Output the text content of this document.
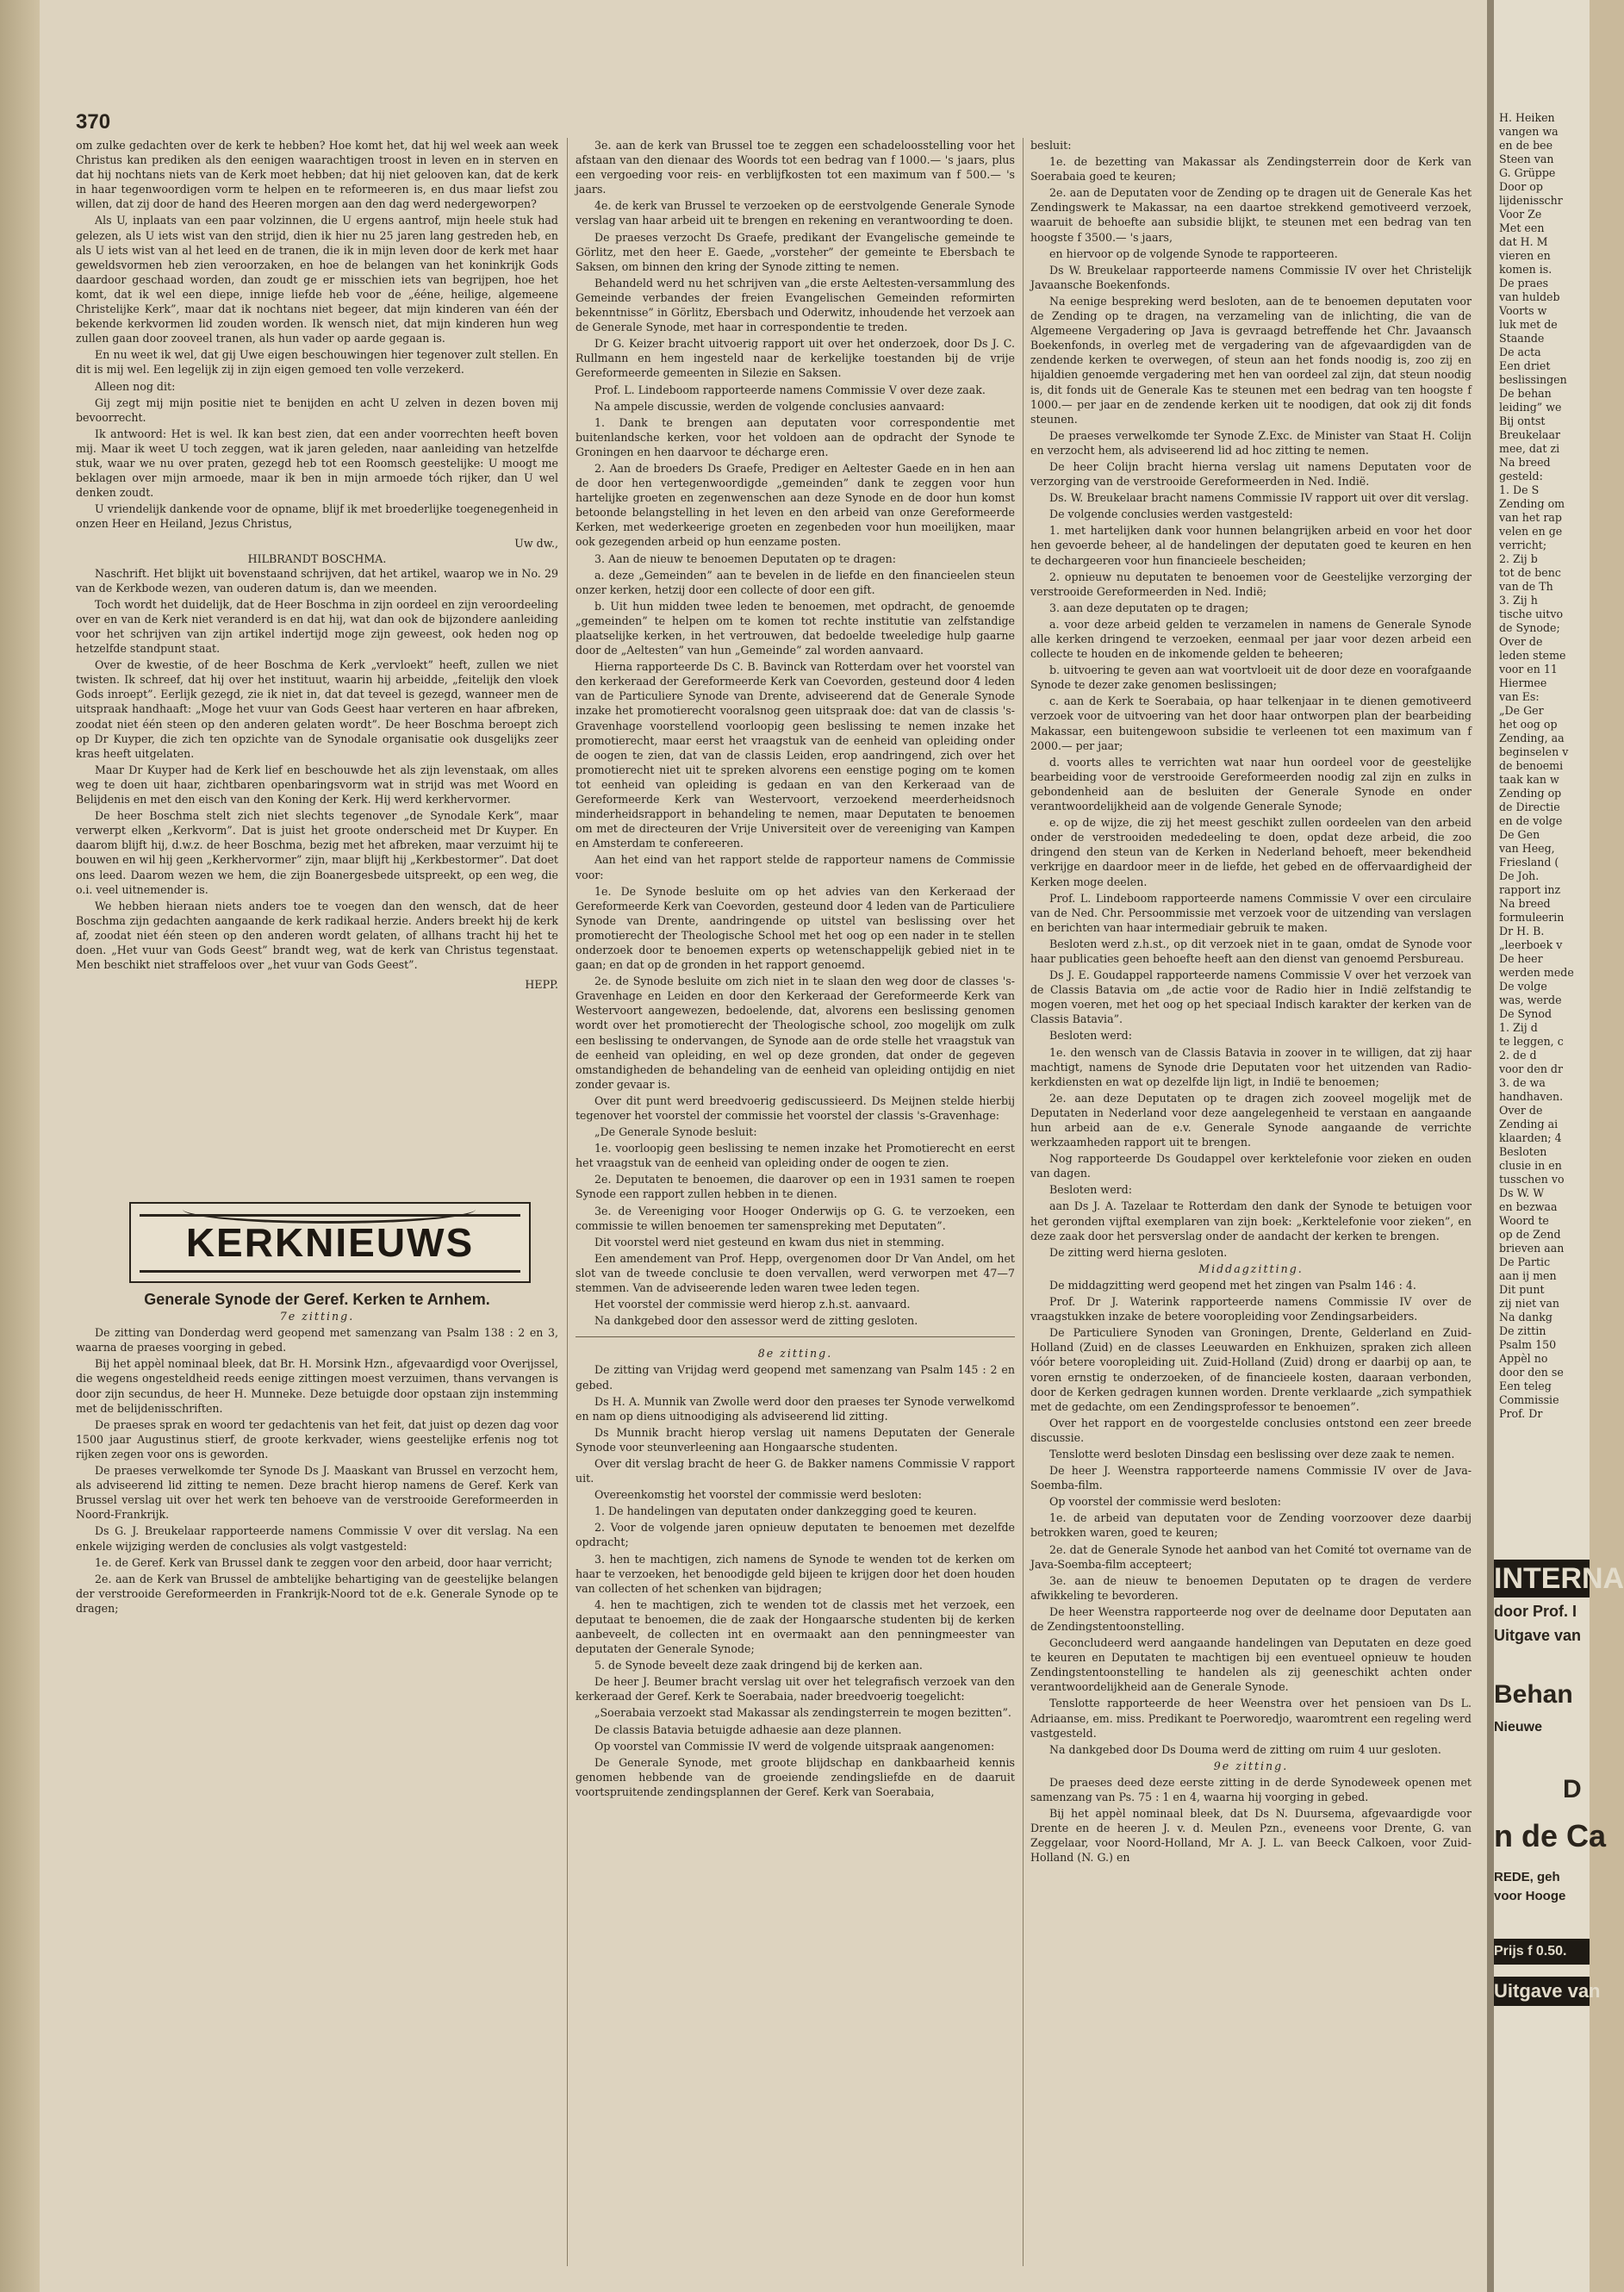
370

om zulke gedachten over de kerk te hebben? Hoe komt het, dat hij wel week aan week Christus kan prediken als den eenigen waarachtigen troost in leven en in sterven en dat hij nochtans niets van de Kerk moet hebben; dat hij niet gelooven kan, dat de kerk in haar tegenwoordigen vorm te helpen en te reformeeren is, en dus maar liefst zou willen, dat zij door de hand des Heeren morgen aan den dag werd nedergeworpen?

Als U, inplaats van een paar volzinnen, die U ergens aantrof, mijn heele stuk had gelezen, als U iets wist van den strijd, dien ik hier nu 25 jaren lang gestreden heb, en als U iets wist van al het leed en de tranen, die ik in mijn leven door de kerk met haar geweldsvormen heb zien veroorzaken, en hoe de belangen van het koninkrijk Gods daardoor geschaad worden, dan zoudt ge er misschien iets van begrijpen, hoe het komt, dat ik wel een diepe, innige liefde heb voor de „ééne, heilige, algemeene Christelijke Kerk”, maar dat ik nochtans niet begeer, dat mijn kinderen van één der bekende kerkvormen lid zouden worden. Ik wensch niet, dat mijn kinderen hun weg zullen gaan door zooveel tranen, als hun vader op aarde gegaan is.

En nu weet ik wel, dat gij Uwe eigen beschouwingen hier tegenover zult stellen. En dit is mij wel. Een legelijk zij in zijn eigen gemoed ten volle verzekerd.

Alleen nog dit:

Gij zegt mij mijn positie niet te benijden en acht U zelven in dezen boven mij bevoorrecht.

Ik antwoord: Het is wel. Ik kan best zien, dat een ander voorrechten heeft boven mij. Maar ik weet U toch zeggen, wat ik jaren geleden, naar aanleiding van hetzelfde stuk, waar we nu over praten, gezegd heb tot een Roomsch geestelijke: U moogt me beklagen over mijn armoede, maar ik ben in mijn armoede tóch rijker, dan U wel denken zoudt.

U vriendelijk dankende voor de opname, blijf ik met broederlijke toegenegenheid in onzen Heer en Heiland, Jezus Christus,

Uw dw.,
HILBRANDT BOSCHMA.

Naschrift. Het blijkt uit bovenstaand schrijven, dat het artikel, waarop we in No. 29 van de Kerkbode wezen, van ouderen datum is, dan we meenden.

Toch wordt het duidelijk, dat de Heer Boschma in zijn oordeel en zijn veroordeeling over en van de Kerk niet veranderd is en dat hij, wat dan ook de bijzondere aanleiding voor het schrijven van zijn artikel indertijd moge zijn geweest, ook heden nog op hetzelfde standpunt staat.

Over de kwestie, of de heer Boschma de Kerk „vervloekt” heeft, zullen we niet twisten. Ik schreef, dat hij over het instituut, waarin hij arbeidde, „feitelijk den vloek Gods inroept”. Eerlijk gezegd, zie ik niet in, dat dat teveel is gezegd, wanneer men de uitspraak handhaaft: „Moge het vuur van Gods Geest haar verteren en haar afbreken, zoodat niet één steen op den anderen gelaten wordt”. De heer Boschma beroept zich op Dr Kuyper, die zich ten opzichte van de Synodale organisatie ook dusgelijks zeer kras heeft uitgelaten.

Maar Dr Kuyper had de Kerk lief en beschouwde het als zijn levenstaak, om alles weg te doen uit haar, zichtbaren openbaringsvorm wat in strijd was met Woord en Belijdenis en met den eisch van den Koning der Kerk. Hij werd kerkhervormer.

De heer Boschma stelt zich niet slechts tegenover „de Synodale Kerk”, maar verwerpt elken „Kerkvorm”. Dat is juist het groote onderscheid met Dr Kuyper. En daarom blijft hij, d.w.z. de heer Boschma, bezig met het afbreken, maar verzuimt hij te bouwen en wil hij geen „Kerkhervormer” zijn, maar blijft hij „Kerkbestormer”. Dat doet ons leed. Daarom wezen we hem, die zijn Boanergesbede uitspreekt, op een weg, die o.i. veel uitnemender is.

We hebben hieraan niets anders toe te voegen dan den wensch, dat de heer Boschma zijn gedachten aangaande de kerk radikaal herzie. Anders breekt hij de kerk af, zoodat niet één steen op den anderen wordt gelaten, of allhans tracht hij het te doen. „Het vuur van Gods Geest” brandt weg, wat de kerk van Christus tegenstaat. Men beschikt niet straffeloos over „het vuur van Gods Geest”.

HEPP.
KERKNIEUWS

Generale Synode der Geref. Kerken te Arnhem.

7e zitting.

De zitting van Donderdag werd geopend met samenzang van Psalm 138 : 2 en 3, waarna de praeses voorging in gebed.

Bij het appèl nominaal bleek, dat Br. H. Morsink Hzn., afgevaardigd voor Overijssel, die wegens ongesteldheid reeds eenige zittingen moest verzuimen, thans vervangen is door zijn secundus, de heer H. Munneke. Deze betuigde door opstaan zijn instemming met de belijdenisschriften.

De praeses sprak en woord ter gedachtenis van het feit, dat juist op dezen dag voor 1500 jaar Augustinus stierf, de groote kerkvader, wiens geestelijke erfenis nog tot rijken zegen voor ons is geworden.

De praeses verwelkomde ter Synode Ds J. Maaskant van Brussel en verzocht hem, als adviseerend lid zitting te nemen. Deze bracht hierop namens de Geref. Kerk van Brussel verslag uit over het werk ten behoeve van de verstrooide Gereformeerden in Noord-Frankrijk.

Ds G. J. Breukelaar rapporteerde namens Commissie V over dit verslag. Na een enkele wijziging werden de conclusies als volgt vastgesteld:

1e. de Geref. Kerk van Brussel dank te zeggen voor den arbeid, door haar verricht;

2e. aan de Kerk van Brussel de ambtelijke behartiging van de geestelijke belangen der verstrooide Gereformeerden in Frankrijk-Noord tot de e.k. Generale Synode op te dragen;

3e. aan de kerk van Brussel toe te zeggen een schadeloosstelling voor het afstaan van den dienaar des Woords tot een bedrag van f 1000.— 's jaars, plus een vergoeding voor reis- en verblijfkosten tot een maximum van f 500.— 's jaars.

4e. de kerk van Brussel te verzoeken op de eerstvolgende Generale Synode verslag van haar arbeid uit te brengen en rekening en verantwoording te doen.

De praeses verzocht Ds Graefe, predikant der Evangelische gemeinde te Görlitz, met den heer E. Gaede, „vorsteher” der gemeinte te Ebersbach te Saksen, om binnen den kring der Synode zitting te nemen.

Behandeld werd nu het schrijven van „die erste Aeltesten-versammlung des Gemeinde verbandes der freien Evangelischen Gemeinden reformirten bekenntnisse” in Görlitz, Ebersbach und Oderwitz, inhoudende het verzoek aan de Generale Synode, met haar in correspondentie te treden.

Dr G. Keizer bracht uitvoerig rapport uit over het onderzoek, door Ds J. C. Rullmann en hem ingesteld naar de kerkelijke toestanden bij de vrije Gereformeerde gemeenten in Silezie en Saksen.

Prof. L. Lindeboom rapporteerde namens Commissie V over deze zaak.

Na ampele discussie, werden de volgende conclusies aanvaard:

1. Dank te brengen aan deputaten voor correspondentie met buitenlandsche kerken, voor het voldoen aan de opdracht der Synode te Groningen en hen daarvoor te décharge eren.

2. Aan de broeders Ds Graefe, Prediger en Aeltester Gaede en in hen aan de door hen vertegenwoordigde „gemeinden” dank te zeggen voor hun hartelijke groeten en zegenwenschen aan deze Synode en de door hun komst betoonde belangstelling in het leven en den arbeid van onze Gereformeerde Kerken, met wederkeerige groeten en zegenbeden voor hun moeilijken, maar ook gezegenden arbeid op hun eenzame posten.

3. Aan de nieuw te benoemen Deputaten op te dragen:

a. deze „Gemeinden” aan te bevelen in de liefde en den financieelen steun onzer kerken, hetzij door een collecte of door een gift.

b. Uit hun midden twee leden te benoemen, met opdracht, de genoemde „gemeinden” te helpen om te komen tot rechte institutie van zelfstandige plaatselijke kerken, in het vertrouwen, dat bedoelde tweeledige hulp gaarne door de „Aeltesten” van hun „Gemeinde” zal worden aanvaard.

Hierna rapporteerde Ds C. B. Bavinck van Rotterdam over het voorstel van den kerkeraad der Gereformeerde Kerk van Coevorden, gesteund door 4 leden van de Particuliere Synode van Drente, adviseerend dat de Generale Synode inzake het promotierecht vooralsnog geen uitspraak doe: dat van de classis 's-Gravenhage voorstellend voorloopig geen beslissing te nemen inzake het promotierecht, maar eerst het vraagstuk van de eenheid van opleiding onder de oogen te zien, dat van de classis Leiden, erop aandringend, zich over het promotierecht niet uit te spreken alvorens een eenstige poging om te komen tot eenheid van opleiding is gedaan en van den Kerkeraad van de Gereformeerde Kerk van Westervoort, verzoekend meerderheidsnoch minderheidsrapport in behandeling te nemen, maar Deputaten te benoemen om met de directeuren der Vrije Universiteit over de vereeniging van Kampen en Amsterdam te confereeren.

Aan het eind van het rapport stelde de rapporteur namens de Commissie voor:

1e. De Synode besluite om op het advies van den Kerkeraad der Gereformeerde Kerk van Coevorden, gesteund door 4 leden van de Particuliere Synode van Drente, aandringende op uitstel van beslissing over het promotierecht der Theologische School met het oog op een nader in te stellen onderzoek door te benoemen experts op wetenschappelijk gebied niet in te gaan; en dat op de gronden in het rapport genoemd.

2e. de Synode besluite om zich niet in te slaan den weg door de classes 's-Gravenhage en Leiden en door den Kerkeraad der Gereformeerde Kerk van Westervoort aangewezen, bedoelende, dat, alvorens een beslissing genomen wordt over het promotierecht der Theologische school, zoo mogelijk om zulk een beslissing te ondervangen, de Synode aan de orde stelle het vraagstuk van de eenheid van opleiding, en wel op deze gronden, dat onder de gegeven omstandigheden de behandeling van de eenheid van opleiding ontijdig en niet zonder gevaar is.

Over dit punt werd breedvoerig gediscussieerd. Ds Meijnen stelde hierbij tegenover het voorstel der commissie het voorstel der classis 's-Gravenhage:

„De Generale Synode besluit:

1e. voorloopig geen beslissing te nemen inzake het Promotierecht en eerst het vraagstuk van de eenheid van opleiding onder de oogen te zien.

2e. Deputaten te benoemen, die daarover op een in 1931 samen te roepen Synode een rapport zullen hebben in te dienen.

3e. de Vereeniging voor Hooger Onderwijs op G. G. te verzoeken, een commissie te willen benoemen ter samenspreking met Deputaten”.

Dit voorstel werd niet gesteund en kwam dus niet in stemming.

Een amendement van Prof. Hepp, overgenomen door Dr Van Andel, om het slot van de tweede conclusie te doen vervallen, werd verworpen met 47—7 stemmen. Van de adviseerende leden waren twee leden tegen.

Het voorstel der commissie werd hierop z.h.st. aanvaard.

Na dankgebed door den assessor werd de zitting gesloten.

8e zitting.

De zitting van Vrijdag werd geopend met samenzang van Psalm 145 : 2 en gebed.

Ds H. A. Munnik van Zwolle werd door den praeses ter Synode verwelkomd en nam op diens uitnoodiging als adviseerend lid zitting.

Ds Munnik bracht hierop verslag uit namens Deputaten der Generale Synode voor steunverleening aan Hongaarsche studenten.

Over dit verslag bracht de heer G. de Bakker namens Commissie V rapport uit.

Overeenkomstig het voorstel der commissie werd besloten:

1. De handelingen van deputaten onder dankzegging goed te keuren.

2. Voor de volgende jaren opnieuw deputaten te benoemen met dezelfde opdracht;

3. hen te machtigen, zich namens de Synode te wenden tot de kerken om haar te verzoeken, het benoodigde geld bijeen te krijgen door het doen houden van collecten of het schenken van bijdragen;

4. hen te machtigen, zich te wenden tot de classis met het verzoek, een deputaat te benoemen, die de zaak der Hongaarsche studenten bij de kerken aanbeveelt, de collecten int en overmaakt aan den penningmeester van deputaten der Generale Synode;

5. de Synode beveelt deze zaak dringend bij de kerken aan.

De heer J. Beumer bracht verslag uit over het telegrafisch verzoek van den kerkeraad der Geref. Kerk te Soerabaia, nader breedvoerig toegelicht:

„Soerabaia verzoekt stad Makassar als zendingsterrein te mogen bezitten”.

De classis Batavia betuigde adhaesie aan deze plannen.

Op voorstel van Commissie IV werd de volgende uitspraak aangenomen:

De Generale Synode, met groote blijdschap en dankbaarheid kennis genomen hebbende van de groeiende zendingsliefde en de daaruit voortspruitende zendingsplannen der Geref. Kerk van Soerabaia,

besluit:

1e. de bezetting van Makassar als Zendingsterrein door de Kerk van Soerabaia goed te keuren;

2e. aan de Deputaten voor de Zending op te dragen uit de Generale Kas het Zendingswerk te Makassar, na een daartoe strekkend gemotiveerd verzoek, waaruit de behoefte aan subsidie blijkt, te steunen met een bedrag van ten hoogste f 3500.— 's jaars,

en hiervoor op de volgende Synode te rapporteeren.

Ds W. Breukelaar rapporteerde namens Commissie IV over het Christelijk Javaansche Boekenfonds.

Na eenige bespreking werd besloten, aan de te benoemen deputaten voor de Zending op te dragen, na verzameling van de inlichting, die van de Algemeene Vergadering op Java is gevraagd betreffende het Chr. Javaansch Boekenfonds, in overleg met de vergadering van de afgevaardigden van de zendende kerken te overwegen, of steun aan het fonds noodig is, zoo zij en hijaldien genoemde vergadering met hen van oordeel zal zijn, dat steun noodig is, dit fonds uit de Generale Kas te steunen met een bedrag van ten hoogste f 1000.— per jaar en de zendende kerken uit te noodigen, dat ook zij dit fonds steunen.

De praeses verwelkomde ter Synode Z.Exc. de Minister van Staat H. Colijn en verzocht hem, als adviseerend lid ad hoc zitting te nemen.

De heer Colijn bracht hierna verslag uit namens Deputaten voor de verzorging van de verstrooide Gereformeerden in Ned. Indië.

Ds. W. Breukelaar bracht namens Commissie IV rapport uit over dit verslag.

De volgende conclusies werden vastgesteld:

1. met hartelijken dank voor hunnen belangrijken arbeid en voor het door hen gevoerde beheer, al de handelingen der deputaten goed te keuren en hen te dechargeeren voor hun financieele bescheiden;

2. opnieuw nu deputaten te benoemen voor de Geestelijke verzorging der verstrooide Gereformeerden in Ned. Indië;

3. aan deze deputaten op te dragen;

a. voor deze arbeid gelden te verzamelen in namens de Generale Synode alle kerken dringend te verzoeken, eenmaal per jaar voor dezen arbeid een collecte te houden en de inkomende gelden te beheeren;

b. uitvoering te geven aan wat voortvloeit uit de door deze en voorafgaande Synode te dezer zake genomen beslissingen;

c. aan de Kerk te Soerabaia, op haar telkenjaar in te dienen gemotiveerd verzoek voor de uitvoering van het door haar ontworpen plan der bearbeiding Makassar, een buitengewoon subsidie te verleenen tot een maximum van f 2000.— per jaar;

d. voorts alles te verrichten wat naar hun oordeel voor de geestelijke bearbeiding voor de verstrooide Gereformeerden noodig zal zijn en zulks in gebondenheid aan de besluiten der Generale Synode en onder verantwoordelijkheid aan de volgende Generale Synode;

e. op de wijze, die zij het meest geschikt zullen oordeelen van den arbeid onder de verstrooiden mededeeling te doen, opdat deze arbeid, die zoo dringend den steun van de Kerken in Nederland behoeft, meer bekendheid verkrijge en daardoor meer in de liefde, het gebed en de offervaardigheid der Kerken moge deelen.

Prof. L. Lindeboom rapporteerde namens Commissie V over een circulaire van de Ned. Chr. Persoommissie met verzoek voor de uitzending van verslagen en berichten van haar intermediair gebruik te maken.

Besloten werd z.h.st., op dit verzoek niet in te gaan, omdat de Synode voor haar publicaties geen behoefte heeft aan den dienst van genoemd Persbureau.

Ds J. E. Goudappel rapporteerde namens Commissie V over het verzoek van de Classis Batavia om „de actie voor de Radio hier in Indië zelfstandig te mogen voeren, met het oog op het speciaal Indisch karakter der kerken van de Classis Batavia”.

Besloten werd:

1e. den wensch van de Classis Batavia in zoover in te willigen, dat zij haar machtigt, namens de Synode drie Deputaten voor het uitzenden van Radio-kerkdiensten en wat op dezelfde lijn ligt, in Indië te benoemen;

2e. aan deze Deputaten op te dragen zich zooveel mogelijk met de Deputaten in Nederland voor deze aangelegenheid te verstaan en aangaande hun arbeid aan de e.v. Generale Synode aangaande de verrichte werkzaamheden rapport uit te brengen.

Nog rapporteerde Ds Goudappel over kerktelefonie voor zieken en ouden van dagen.

Besloten werd:

aan Ds J. A. Tazelaar te Rotterdam den dank der Synode te betuigen voor het geronden vijftal exemplaren van zijn boek: „Kerktelefonie voor zieken”, en deze zaak door het persverslag onder de aandacht der kerken te brengen.

De zitting werd hierna gesloten.

Middagzitting.

De middagzitting werd geopend met het zingen van Psalm 146 : 4.

Prof. Dr J. Waterink rapporteerde namens Commissie IV over de vraagstukken inzake de betere vooropleiding voor Zendingsarbeiders.

De Particuliere Synoden van Groningen, Drente, Gelderland en Zuid-Holland (Zuid) en de classes Leeuwarden en Enkhuizen, spraken zich alleen vóór betere vooropleiding uit. Zuid-Holland (Zuid) drong er daarbij op aan, te voren ernstig te onderzoeken, of de financieele kosten, daaraan verbonden, door de Kerken gedragen kunnen worden. Drente verklaarde „zich sympathiek met de gedachte, om een Zendingsprofessor te benoemen”.

Over het rapport en de voorgestelde conclusies ontstond een zeer breede discussie.

Tenslotte werd besloten Dinsdag een beslissing over deze zaak te nemen.

De heer J. Weenstra rapporteerde namens Commissie IV over de Java-Soemba-film.

Op voorstel der commissie werd besloten:

1e. de arbeid van deputaten voor de Zending voorzoover deze daarbij betrokken waren, goed te keuren;

2e. dat de Generale Synode het aanbod van het Comité tot overname van de Java-Soemba-film accepteert;

3e. aan de nieuw te benoemen Deputaten op te dragen de verdere afwikkeling te bevorderen.

De heer Weenstra rapporteerde nog over de deelname door Deputaten aan de Zendingstentoonstelling.

Geconcludeerd werd aangaande handelingen van Deputaten en deze goed te keuren en Deputaten te machtigen bij een eventueel opnieuw te houden Zendingstentoonstelling te handelen als zij geeneschikt achten onder verantwoordelijkheid aan de Generale Synode.

Tenslotte rapporteerde de heer Weenstra over het pensioen van Ds L. Adriaanse, em. miss. Predikant te Poerworedjo, waaromtrent een regeling werd vastgesteld.

Na dankgebed door Ds Douma werd de zitting om ruim 4 uur gesloten.

9e zitting.

De praeses deed deze eerste zitting in de derde Synodeweek openen met samenzang van Ps. 75 : 1 en 4, waarna hij voorging in gebed.

Bij het appèl nominaal bleek, dat Ds N. Duursema, afgevaardigde voor Drente en de heeren J. v. d. Meulen Pzn., eveneens voor Drente, G. van Zeggelaar, voor Noord-Holland, Mr A. J. L. van Beeck Calkoen, voor Zuid-Holland (N. G.) en

H. Heiken
vangen wa
en de bee
Steen van
G. Grüppe
Door op
lijdenisschr
Voor Ze
Met een
dat H. M
vieren en
komen is.
De praes
van huldeb
Voorts w
luk met de
Staande
De acta
Een driet
beslissingen
De behan
leiding” we
Bij ontst
Breukelaar
mee, dat zi
Na breed
gesteld:
1. De S
Zending om
van het rap
velen en ge
verricht;
2. Zij b
tot de benc
van de Th
3. Zij h
tische uitvo
de Synode;
Over de
leden steme
voor en 11
Hiermee
van Es:
„De Ger
het oog op
Zending, aa
beginselen v
de benoemi
taak kan w
Zending op
de Directie
en de volge
De Gen
van Heeg,
Friesland (
De Joh.
rapport inz
Na breed
formuleerin
Dr H. B.
„leerboek v
De heer
werden mede
De volge
was, werde
De Synod
1. Zij d
te leggen, c
2. de d
voor den dr
3. de wa
handhaven.
Over de
Zending ai
klaarden; 4
Besloten
clusie in en
tusschen vo
Ds W. W
en bezwaa
Woord te
op de Zend
brieven aan
De Partic
aan ij men
Dit punt
zij niet van
Na dankg
De zittin
Psalm 150
Appèl no
door den se
Een teleg
Commissie
Prof. Dr
INTERNA
door Prof. I
Uitgave van
Behan
Nieuwe
D
n de Ca
REDE, geh
voor Hooge
Prijs f 0.50.
Uitgave van
